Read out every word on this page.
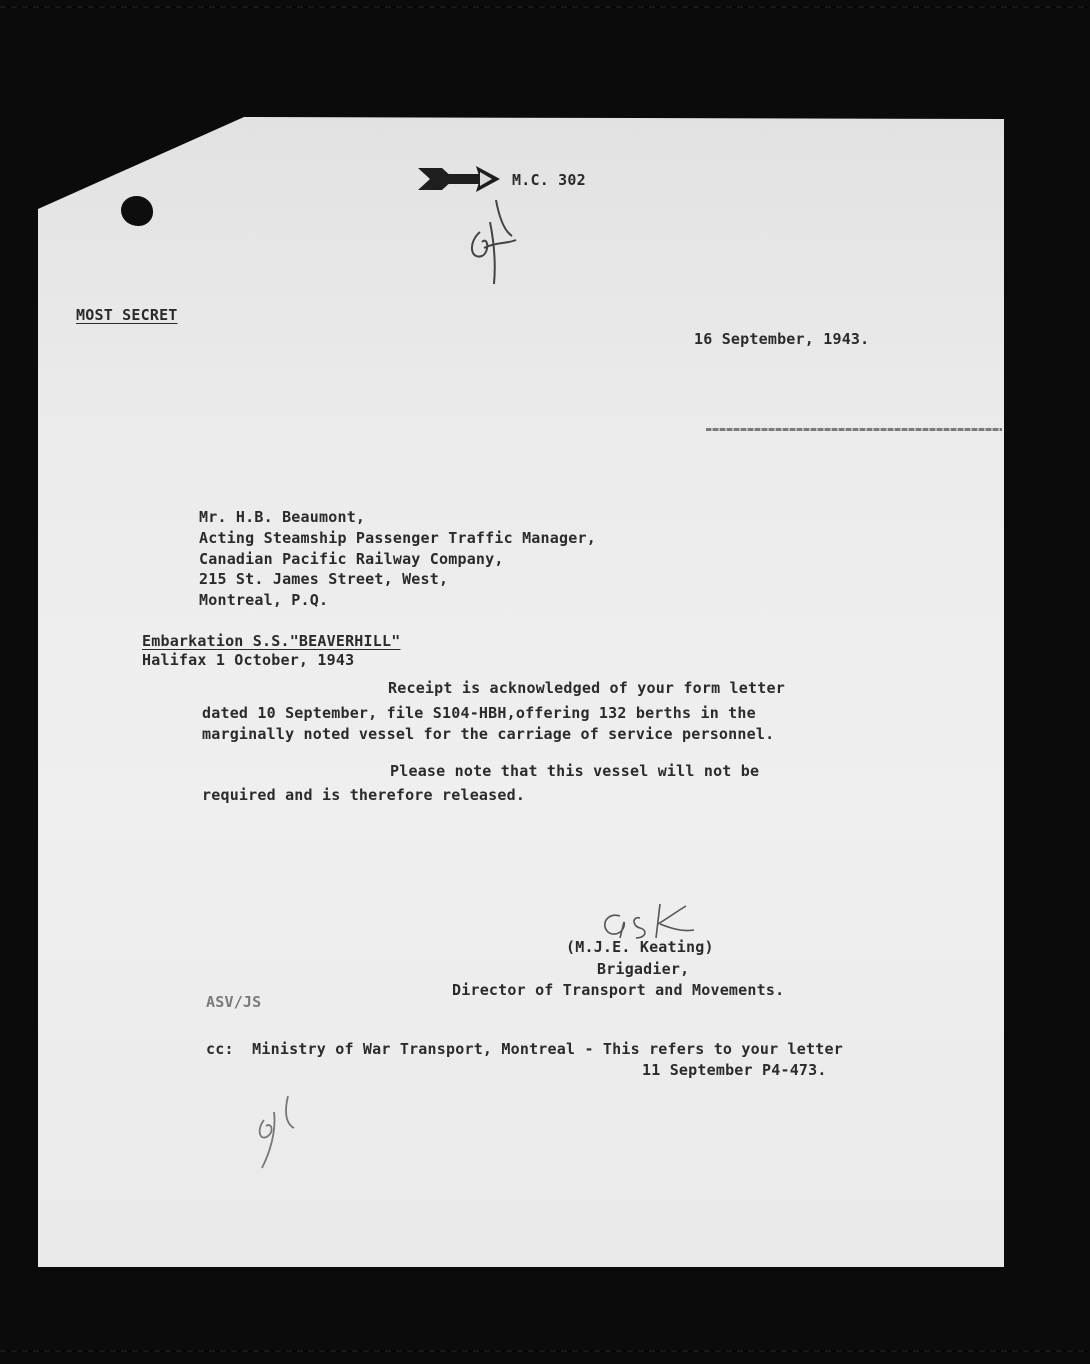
M.C. 302
MOST SECRET
16 September, 1943.
Mr. H.B. Beaumont,
Acting Steamship Passenger Traffic Manager,
Canadian Pacific Railway Company,
215 St. James Street, West,
Montreal, P.Q.
Embarkation S.S."BEAVERHILL"
Halifax 1 October, 1943
Receipt is acknowledged of your form letter
dated 10 September, file S104-HBH,offering 132 berths in the
marginally noted vessel for the carriage of service personnel.
Please note that this vessel will not be
required and is therefore released.
(M.J.E. Keating)
Brigadier,
Director of Transport and Movements.
ASV/JS
cc:  Ministry of War Transport, Montreal - This refers to your letter
11 September P4-473.
